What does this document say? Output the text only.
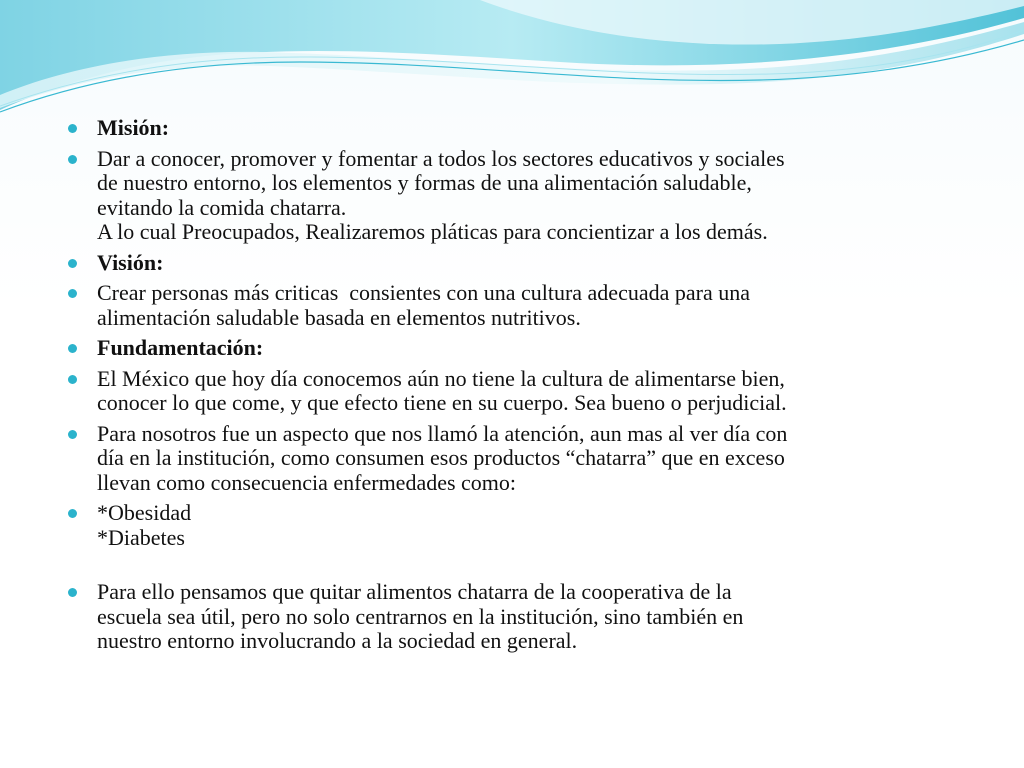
Misión:
Dar a conocer, promover y fomentar a todos los sectores educativos y sociales
de nuestro entorno, los elementos y formas de una alimentación saludable,
evitando la comida chatarra.
A lo cual Preocupados, Realizaremos pláticas para concientizar a los demás.
Visión:
Crear personas más criticas  consientes con una cultura adecuada para una
alimentación saludable basada en elementos nutritivos.
Fundamentación:
El México que hoy día conocemos aún no tiene la cultura de alimentarse bien,
conocer lo que come, y que efecto tiene en su cuerpo. Sea bueno o perjudicial.
Para nosotros fue un aspecto que nos llamó la atención, aun mas al ver día con
día en la institución, como consumen esos productos “chatarra” que en exceso
llevan como consecuencia enfermedades como:
*Obesidad
*Diabetes
Para ello pensamos que quitar alimentos chatarra de la cooperativa de la
escuela sea útil, pero no solo centrarnos en la institución, sino también en
nuestro entorno involucrando a la sociedad en general.
